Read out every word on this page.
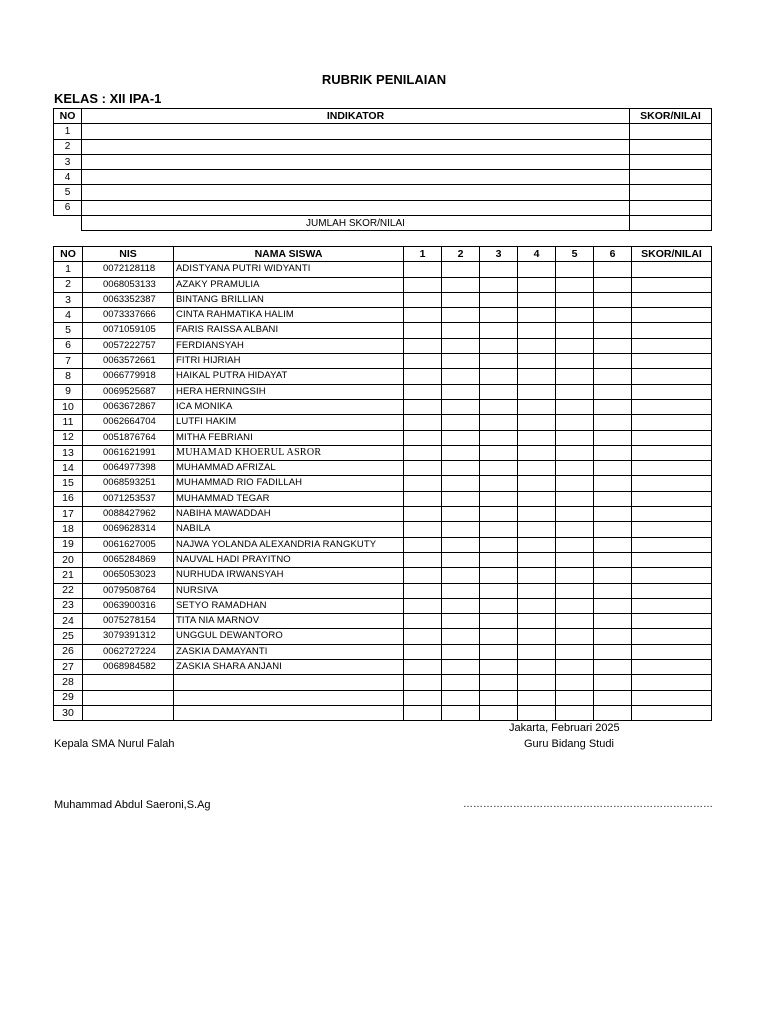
RUBRIK PENILAIAN
KELAS : XII IPA-1
NO	INDIKATOR	SKOR/NILAI
1		
2		
3		
4		
5		
6		
	JUMLAH SKOR/NILAI	
NO	NIS	NAMA SISWA	1	2	3	4	5	6	SKOR/NILAI
1	0072128118	ADISTYANA PUTRI WIDYANTI							
2	0068053133	AZAKY PRAMULIA							
3	0063352387	BINTANG BRILLIAN							
4	0073337666	CINTA RAHMATIKA HALIM							
5	0071059105	FARIS RAISSA ALBANI							
6	0057222757	FERDIANSYAH							
7	0063572661	FITRI HIJRIAH							
8	0066779918	HAIKAL PUTRA HIDAYAT							
9	0069525687	HERA HERNINGSIH							
10	0063672867	ICA MONIKA							
11	0062664704	LUTFI HAKIM							
12	0051876764	MITHA FEBRIANI							
13	0061621991	MUHAMAD KHOERUL ASROR							
14	0064977398	MUHAMMAD AFRIZAL							
15	0068593251	MUHAMMAD RIO FADILLAH							
16	0071253537	MUHAMMAD TEGAR							
17	0088427962	NABIHA MAWADDAH							
18	0069628314	NABILA							
19	0061627005	NAJWA YOLANDA ALEXANDRIA RANGKUTY							
20	0065284869	NAUVAL HADI PRAYITNO							
21	0065053023	NURHUDA IRWANSYAH							
22	0079508764	NURSIVA							
23	0063900316	SETYO RAMADHAN							
24	0075278154	TITA NIA MARNOV							
25	3079391312	UNGGUL DEWANTORO							
26	0062727224	ZASKIA DAMAYANTI							
27	0068984582	ZASKIA SHARA ANJANI							
28									
29									
30									
Jakarta, Februari 2025
Kepala SMA Nurul Falah	Guru Bidang Studi
Muhammad Abdul Saeroni,S.Ag	…………………………………………………………………
